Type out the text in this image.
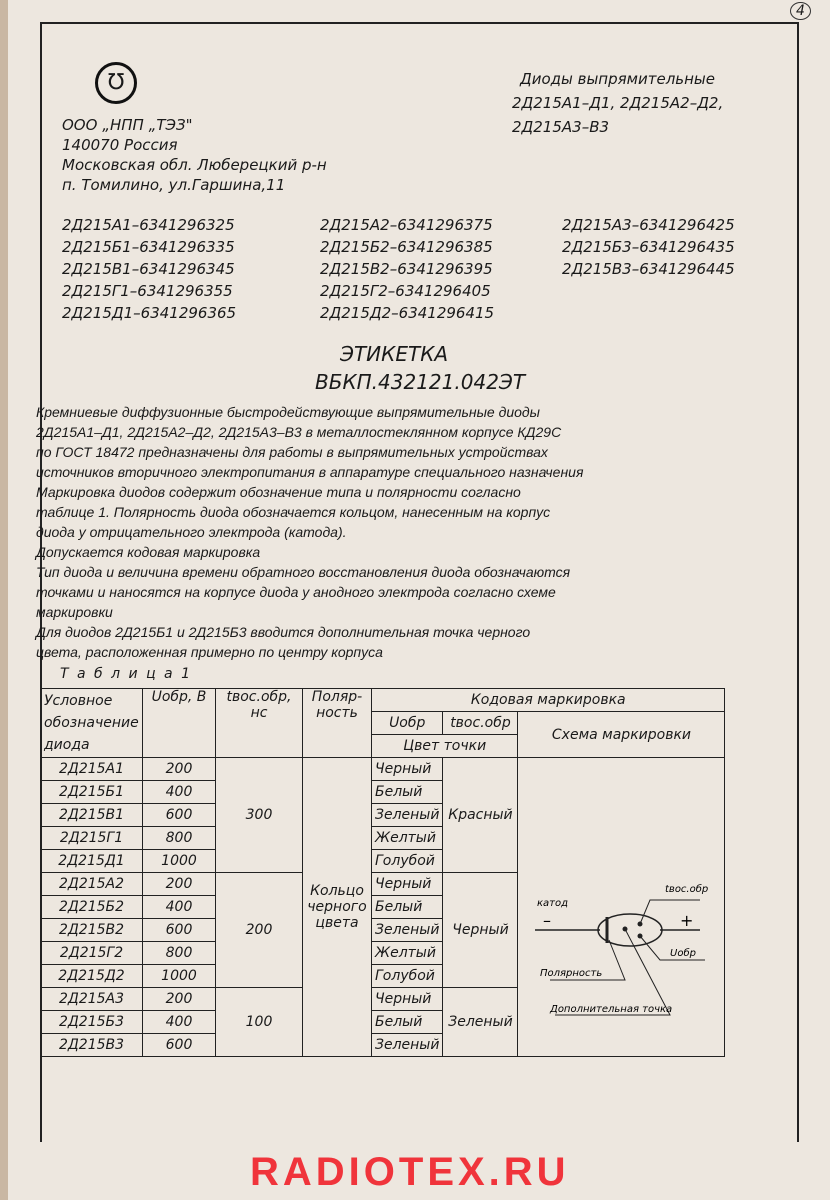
4
℧
ООО „НПП „ТЭЗ"
140070 Россия
Московская обл. Люберецкий р-н
п. Томилино, ул.Гаршина,11
Диоды выпрямительные
2Д215А1–Д1, 2Д215А2–Д2,
2Д215А3–В3
2Д215А1–6341296325
2Д215Б1–6341296335
2Д215В1–6341296345
2Д215Г1–6341296355
2Д215Д1–6341296365
2Д215А2–6341296375
2Д215Б2–6341296385
2Д215В2–6341296395
2Д215Г2–6341296405
2Д215Д2–6341296415
2Д215А3–6341296425
2Д215Б3–6341296435
2Д215В3–6341296445
ЭТИКЕТКА
ВБКП.432121.042ЭТ

Кремниевые диффузионные быстродействующие выпрямительные диоды

2Д215А1–Д1, 2Д215А2–Д2, 2Д215А3–В3 в металлостеклянном корпусе КД29С

по ГОСТ 18472 предназначены для работы в выпрямительных устройствах

источников вторичного электропитания в аппаратуре специального назначения

Маркировка диодов содержит обозначение типа и полярности согласно

таблице 1. Полярность диода обозначается кольцом, нанесенным на корпус

диода у отрицательного электрода (катода).

Допускается кодовая маркировка

Тип диода и величина времени обратного восстановления диода обозначаются

точками и наносятся на корпусе диода у анодного электрода согласно схеме

маркировки

Для диодов 2Д215Б1 и 2Д215Б3 вводится дополнительная точка черного

цвета, расположенная примерно по центру корпуса

Т а б л и ц а 1
Условное обозначение диода	Uобр, В	tвос.обр, нс	Поляр-ность	Кодовая маркировка		
				Uобр	tвос.обр	Схема маркировки
				Цвет точки		
2Д215А1	200	300	Кольцо черного цвета	Черный	Красный	
2Д215Б1	400			Белый		
2Д215В1	600			Зеленый		
2Д215Г1	800			Желтый		
2Д215Д1	1000			Голубой		
2Д215А2	200	200		Черный	Черный	
2Д215Б2	400			Белый		
2Д215В2	600			Зеленый		
2Д215Г2	800			Желтый		
2Д215Д2	1000			Голубой		
2Д215А3	200	100		Черный	Зеленый	
2Д215Б3	400			Белый		
2Д215В3	600			Зеленый		
катод
–	+
tвос.обр
Uобр
Полярность
Дополнительная точка
RADIOTEX.RU
